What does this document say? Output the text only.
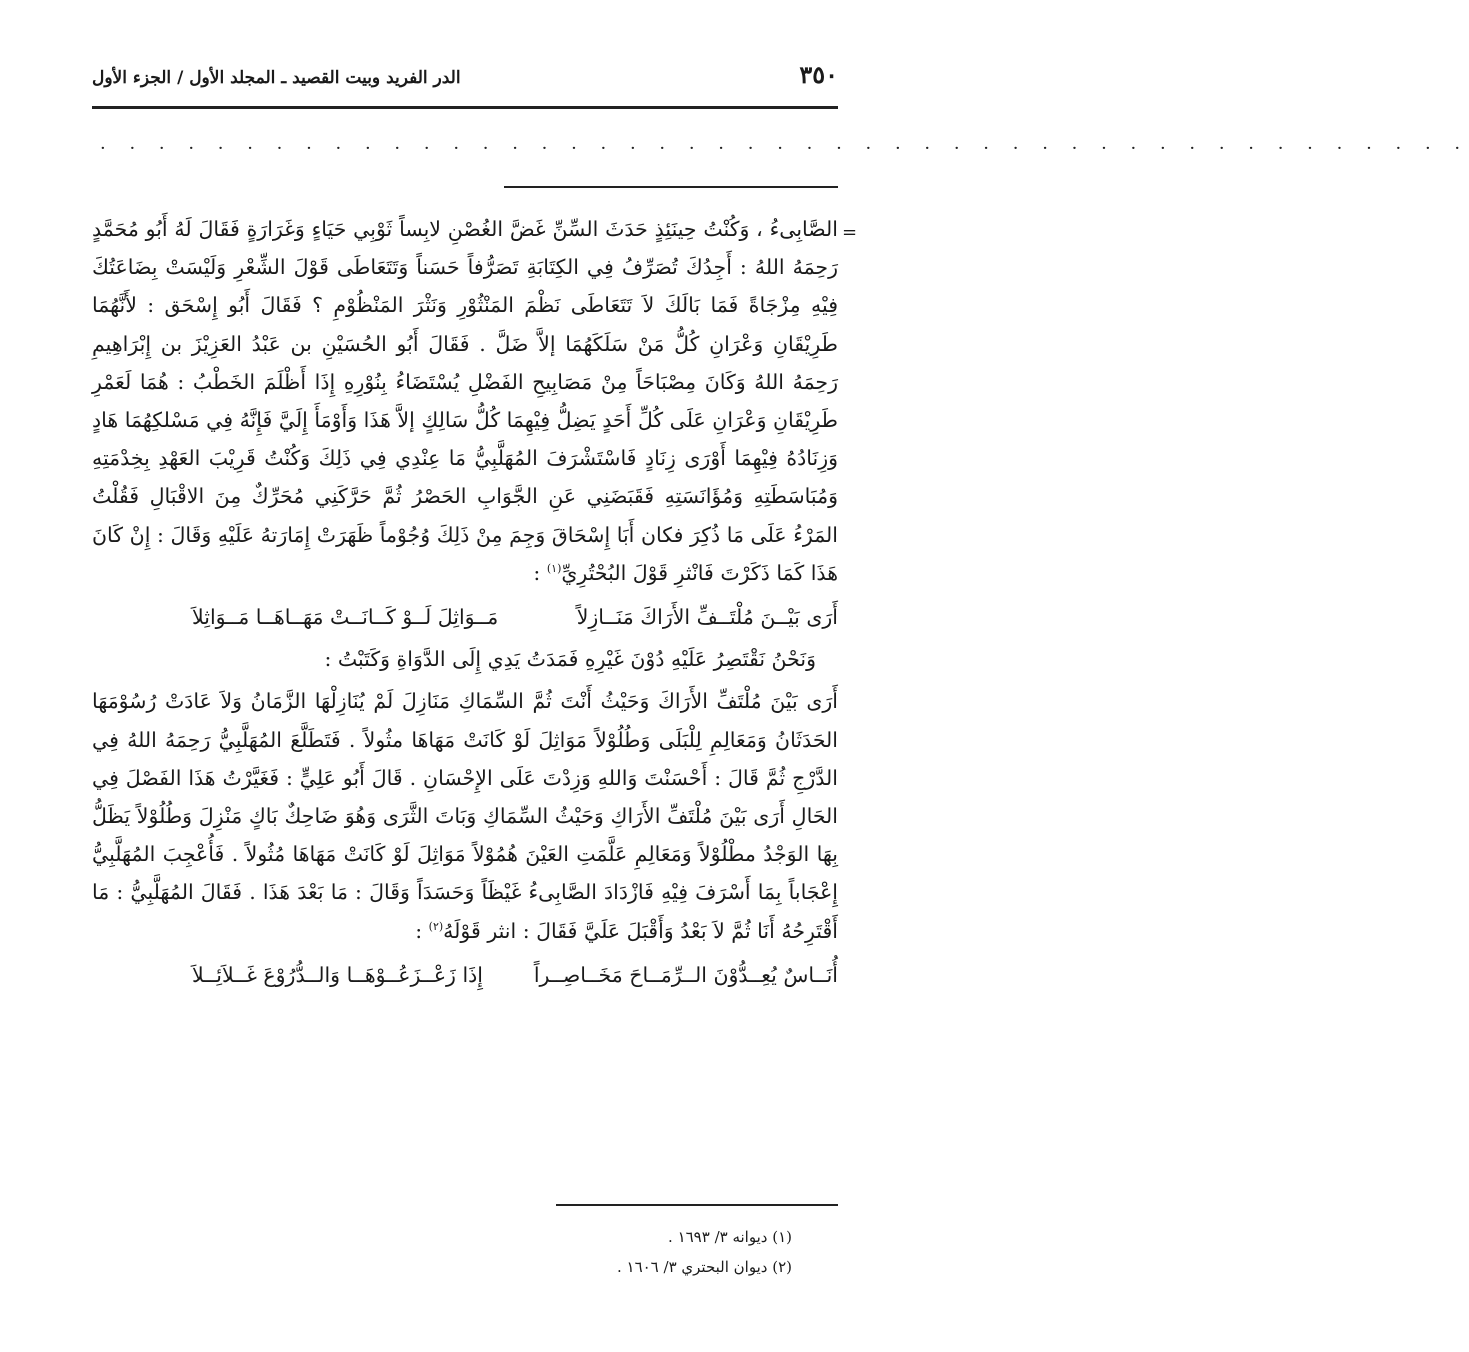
٣٥٠
الدر الفريد وبيت القصيد ـ المجلد الأول / الجزء الأول
· · · · · · · · · · · · · · · · · · · · · · · · · · · · · · · · · · · · · · · · · · · · · · ·
=

الصَّابِىءُ ، وَكُنْتُ حِينَئِذٍ حَدَثَ السِّنِّ غَضَّ الغُصْنِ لابِساً ثَوْبِي حَيَاءٍ وَغَرَارَةٍ فَقَالَ لَهُ أَبُو مُحَمَّدٍ رَحِمَهُ اللهُ : أَجِدُكَ تُصَرِّفُ فِي الكِتَابَةِ تَصَرُّفاً حَسَناً وَتَتَعَاطَى قَوْلَ الشِّعْرِ وَلَيْسَتْ بِضَاعَتُكَ فِيْهِ مِزْجَاةً فَمَا بَالَكَ لاَ تَتَعَاطَى نَظْمَ المَنْثُوْرِ وَنَثْرَ المَنْظُوْمِ ؟ فَقَالَ أَبُو إِسْحَق : لأَنَّهُمَا طَرِيْقَانِ وَعْرَانِ كُلُّ مَنْ سَلَكَهُمَا إلاَّ ضَلَّ . فَقَالَ أَبُو الحُسَيْنِ بن عَبْدُ العَزِيْزَ بن إِبْرَاهِيمِ رَحِمَهُ اللهُ وَكَانَ مِصْبَاحَاً مِنْ مَصَابِيحِ الفَضْلِ يُسْتَضَاءُ بِنُوْرِهِ إِذَا أَظْلَمَ الخَطْبُ : هُمَا لَعَمْرِ طَرِيْقَانِ وَعْرَانِ عَلَى كُلِّ أَحَدٍ يَضِلُّ فِيْهِمَا كُلُّ سَالِكٍ إلاَّ هَذَا وَأَوْمَأَ إِلَيَّ فَإِنَّهُ فِي مَسْلكِهُمَا هَادٍ وَزِنَادُهُ فِيْهِمَا أَوْرَى زِنَادٍ فَاسْتَشْرَفَ المُهَلَّبِيُّ مَا عِنْدِي فِي ذَلِكَ وَكُنْتُ قَرِيْبَ العَهْدِ بِخِدْمَتِهِ وَمُبَاسَطَتِهِ وَمُؤَانَسَتِهِ فَقَبَضَنِي عَنِ الجَّوَابِ الحَصْرُ ثُمَّ حَرَّكَنِي مُحَرِّكٌ مِنَ الاقْبَالِ فَقُلْتُ المَرْءُ عَلَى مَا ذُكِرَ فكان أَبَا إِسْحَاقَ وَجِمَ مِنْ ذَلِكَ وُجُوْماً ظَهَرَتْ إِمَارَتهُ عَلَيْهِ وَقَالَ : إِنْ كَانَ هَذَا كَمَا ذَكَرْتَ فَانْثرِ قَوْلَ البُحْتُرِيِّ$^{(١)}$ :

أَرَى بَيْــنَ مُلْتَــفِّ الأَرَاكَ مَنَــازِلاً
مَــوَاثِلَ لَــوْ كَــانَــتْ مَهَــاهَــا مَــوَاثِلاَ

وَنَحْنُ نَقْتَصِرُ عَلَيْهِ دُوْنَ غَيْرِهِ فَمَدَتُ يَدِي إِلَى الدَّوَاةِ وَكَتَبْتُ :

أَرَى بَيْنَ مُلْتَفِّ الأَرَاكَ وَحَيْثُ أَنْتَ ثُمَّ السِّمَاكِ مَنَازِلَ لَمْ يُنَازِلْهَا الزَّمَانُ وَلاَ عَادَتْ رُسُوْمَهَا الحَدَثَانُ وَمَعَالِمِ لِلْبَلَى وَطُلُوْلاً مَوَاثِلَ لَوْ كَانَتْ مَهَاهَا مثُولاً . فَتَطَلَّعَ المُهَلَّبِيُّ رَحِمَهُ اللهُ فِي الدَّرْجِ ثُمَّ قَالَ : أَحْسَنْتَ وَاللهِ وَزِدْتَ عَلَى الإِحْسَانِ . قَالَ أَبُو عَلِيٍّ : فَغَيَّرْتُ هَذَا الفَصْلَ فِي الحَالِ أَرَى بَيْنَ مُلْتَفِّ الأَرَاكِ وَحَيْثُ السِّمَاكِ وَبَاتَ الثَّرَى وَهُوَ ضَاحِكٌ بَاكٍ مَنْزِلَ وَطُلُوْلاً يَظَلُّ بِهَا الوَجْدُ مطْلُوْلاً وَمَعَالِمِ عَلَّمَتِ العَيْنَ هُمُوْلاً مَوَاثِلَ لَوْ كَانَتْ مَهَاهَا مُثُولاً . فَأُعْجِبَ المُهَلَّبِيُّ إِعْجَاباً بِمَا أَسْرَفَ فِيْهِ فَازْدَادَ الصَّابِىءُ غَيْظَاً وَحَسَدَاً وَقَالَ : مَا بَعْدَ هَذَا . فَقَالَ المُهَلَّبِيُّ : مَا أَقْتَرِحُهُ أَنَا ثُمَّ لاَ بَعْدُ وَأَقْبَلَ عَلَيَّ فَقَالَ : انثر قَوْلَهُ$^{(٢)}$ :

أُنَــاسٌ يُعِــدُّوْنَ الــرِّمَــاحَ مَخَــاصِــراً
إِذَا زَعْــزَعُــوْهَــا وَالــدُّرُوْعَ غَــلاَئِــلاَ

(١) ديوانه ٣/ ١٦٩٣ .
(٢) ديوان البحتري ٣/ ١٦٠٦ .
